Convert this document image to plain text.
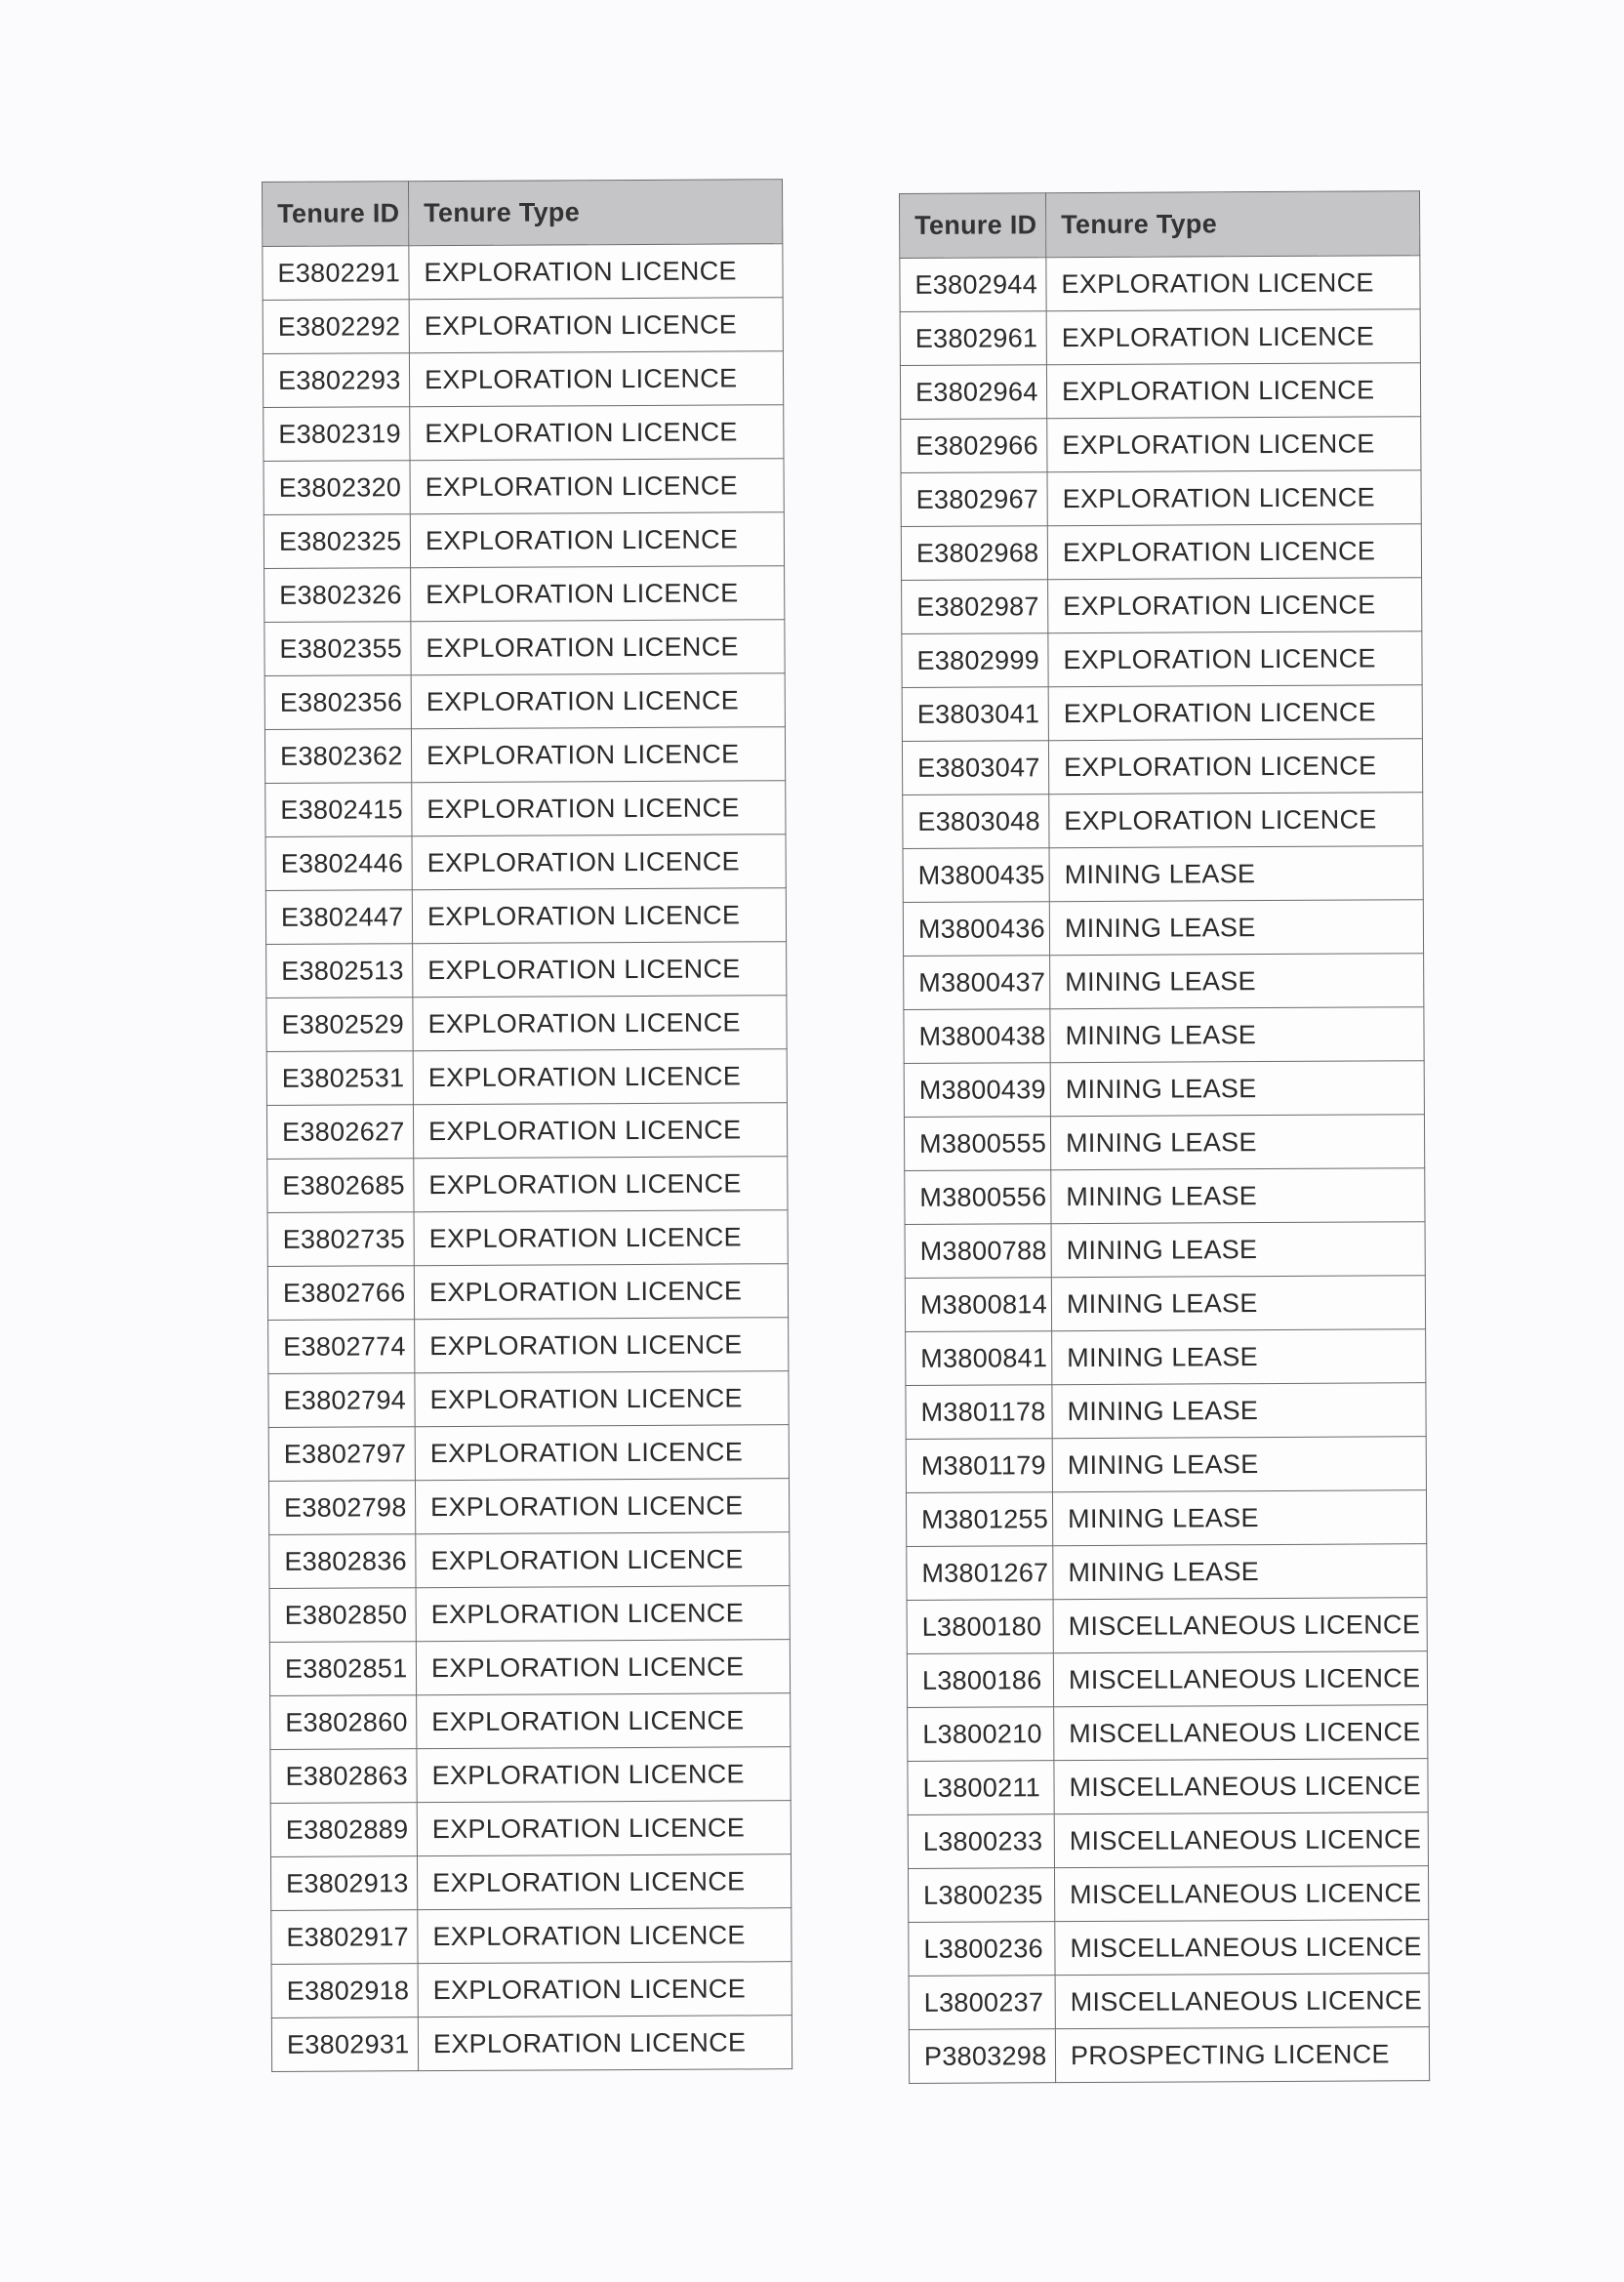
Tenure ID	Tenure Type
E3802291	EXPLORATION LICENCE
E3802292	EXPLORATION LICENCE
E3802293	EXPLORATION LICENCE
E3802319	EXPLORATION LICENCE
E3802320	EXPLORATION LICENCE
E3802325	EXPLORATION LICENCE
E3802326	EXPLORATION LICENCE
E3802355	EXPLORATION LICENCE
E3802356	EXPLORATION LICENCE
E3802362	EXPLORATION LICENCE
E3802415	EXPLORATION LICENCE
E3802446	EXPLORATION LICENCE
E3802447	EXPLORATION LICENCE
E3802513	EXPLORATION LICENCE
E3802529	EXPLORATION LICENCE
E3802531	EXPLORATION LICENCE
E3802627	EXPLORATION LICENCE
E3802685	EXPLORATION LICENCE
E3802735	EXPLORATION LICENCE
E3802766	EXPLORATION LICENCE
E3802774	EXPLORATION LICENCE
E3802794	EXPLORATION LICENCE
E3802797	EXPLORATION LICENCE
E3802798	EXPLORATION LICENCE
E3802836	EXPLORATION LICENCE
E3802850	EXPLORATION LICENCE
E3802851	EXPLORATION LICENCE
E3802860	EXPLORATION LICENCE
E3802863	EXPLORATION LICENCE
E3802889	EXPLORATION LICENCE
E3802913	EXPLORATION LICENCE
E3802917	EXPLORATION LICENCE
E3802918	EXPLORATION LICENCE
E3802931	EXPLORATION LICENCE
Tenure ID	Tenure Type
E3802944	EXPLORATION LICENCE
E3802961	EXPLORATION LICENCE
E3802964	EXPLORATION LICENCE
E3802966	EXPLORATION LICENCE
E3802967	EXPLORATION LICENCE
E3802968	EXPLORATION LICENCE
E3802987	EXPLORATION LICENCE
E3802999	EXPLORATION LICENCE
E3803041	EXPLORATION LICENCE
E3803047	EXPLORATION LICENCE
E3803048	EXPLORATION LICENCE
M3800435	MINING LEASE
M3800436	MINING LEASE
M3800437	MINING LEASE
M3800438	MINING LEASE
M3800439	MINING LEASE
M3800555	MINING LEASE
M3800556	MINING LEASE
M3800788	MINING LEASE
M3800814	MINING LEASE
M3800841	MINING LEASE
M3801178	MINING LEASE
M3801179	MINING LEASE
M3801255	MINING LEASE
M3801267	MINING LEASE
L3800180	MISCELLANEOUS LICENCE
L3800186	MISCELLANEOUS LICENCE
L3800210	MISCELLANEOUS LICENCE
L3800211	MISCELLANEOUS LICENCE
L3800233	MISCELLANEOUS LICENCE
L3800235	MISCELLANEOUS LICENCE
L3800236	MISCELLANEOUS LICENCE
L3800237	MISCELLANEOUS LICENCE
P3803298	PROSPECTING LICENCE
